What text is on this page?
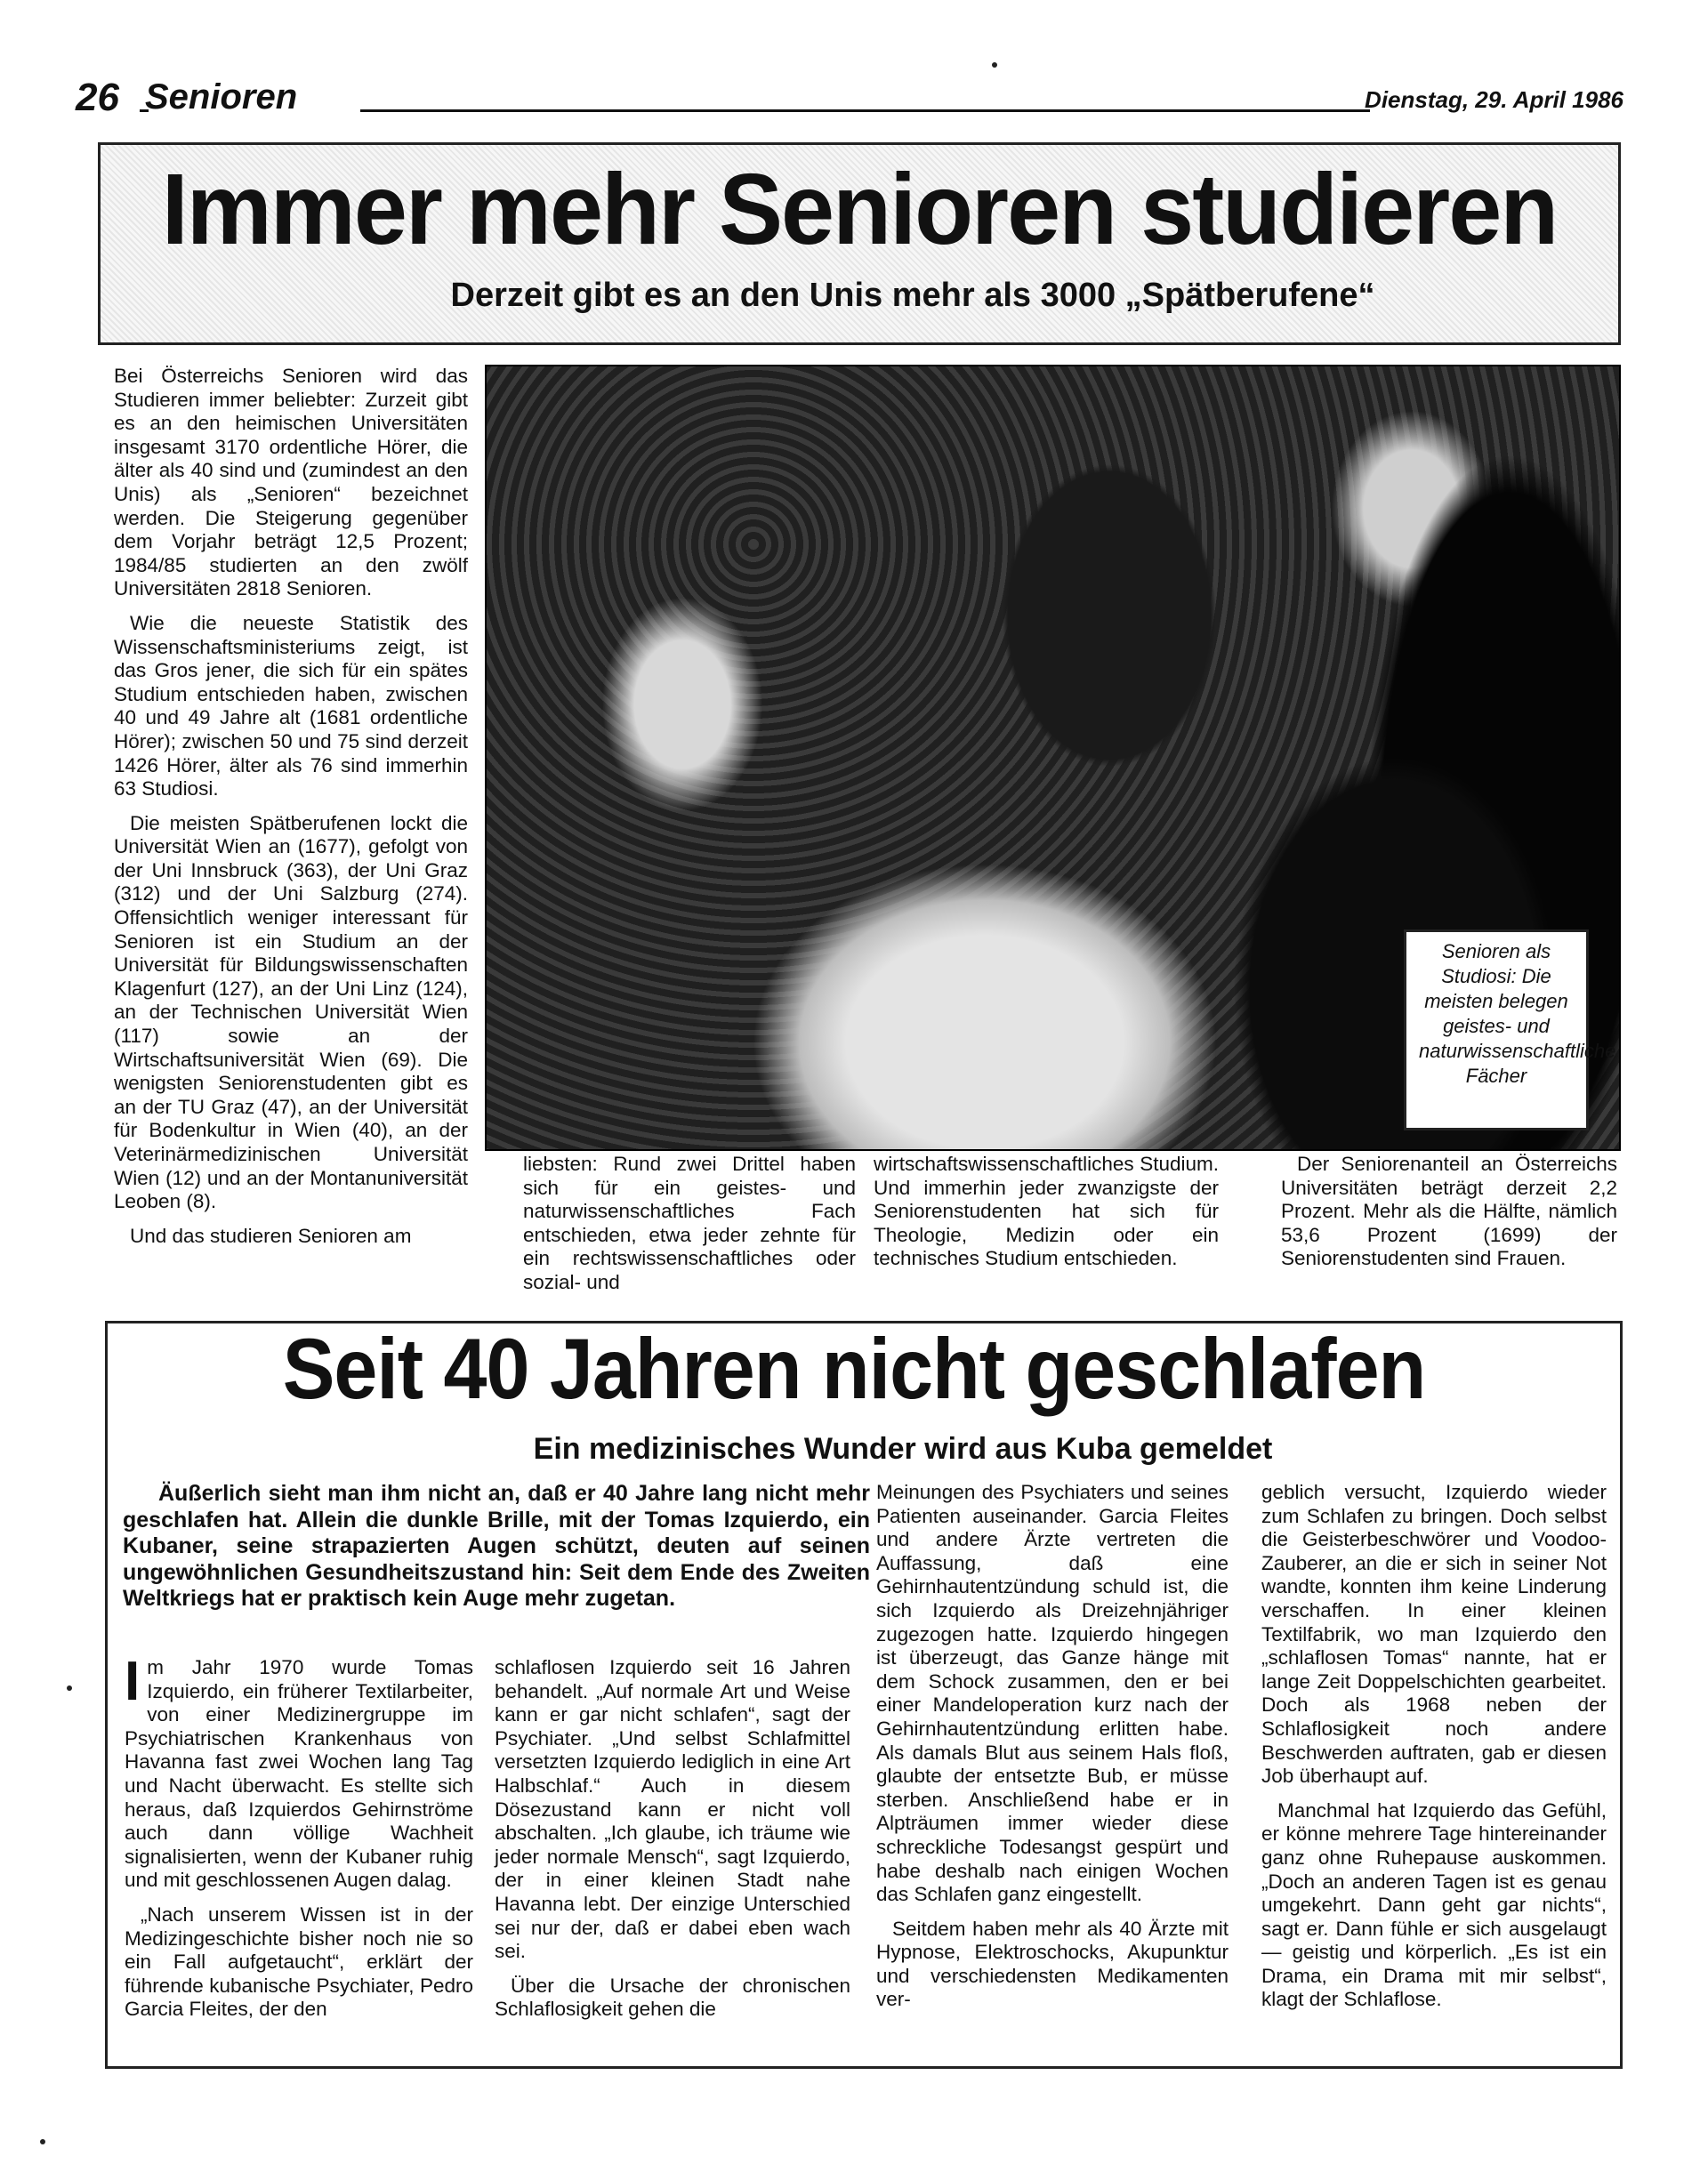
26 Senioren	Dienstag, 29. April 1986
Immer mehr Senioren studieren
Derzeit gibt es an den Unis mehr als 3000 „Spätberufene“

Bei Österreichs Senioren wird das Studieren immer beliebter: Zurzeit gibt es an den heimischen Universitäten insgesamt 3170 ordentliche Hörer, die älter als 40 sind und (zumindest an den Unis) als „Senioren“ bezeichnet werden. Die Steigerung gegenüber dem Vorjahr beträgt 12,5 Prozent; 1984/85 studierten an den zwölf Universitäten 2818 Senioren.

Wie die neueste Statistik des Wissenschaftsministeriums zeigt, ist das Gros jener, die sich für ein spätes Studium entschieden haben, zwischen 40 und 49 Jahre alt (1681 ordentliche Hörer); zwischen 50 und 75 sind derzeit 1426 Hörer, älter als 76 sind immerhin 63 Studiosi.

Die meisten Spätberufenen lockt die Universität Wien an (1677), gefolgt von der Uni Innsbruck (363), der Uni Graz (312) und der Uni Salzburg (274). Offensichtlich weniger interessant für Senioren ist ein Studium an der Universität für Bildungswissenschaften Klagenfurt (127), an der Uni Linz (124), an der Technischen Universität Wien (117) sowie an der Wirtschaftsuniversität Wien (69). Die wenigsten Seniorenstudenten gibt es an der TU Graz (47), an der Universität für Bodenkultur in Wien (40), an der Veterinärmedizinischen Universität Wien (12) und an der Montanuniversität Leoben (8).

Und das studieren Senioren am

Senioren als Studiosi: Die meisten belegen geistes- und naturwissenschaftliche Fächer

liebsten: Rund zwei Drittel haben sich für ein geistes- und naturwissenschaftliches Fach entschieden, etwa jeder zehnte für ein rechtswissenschaftliches oder sozial- und

wirtschaftswissenschaftliches Studium. Und immerhin jeder zwanzigste der Seniorenstudenten hat sich für Theologie, Medizin oder ein technisches Studium entschieden.

Der Seniorenanteil an Österreichs Universitäten beträgt derzeit 2,2 Prozent. Mehr als die Hälfte, nämlich 53,6 Prozent (1699) der Seniorenstudenten sind Frauen.

Seit 40 Jahren nicht geschlafen
Ein medizinisches Wunder wird aus Kuba gemeldet
Äußerlich sieht man ihm nicht an, daß er 40 Jahre lang nicht mehr geschlafen hat. Allein die dunkle Brille, mit der Tomas Izquierdo, ein Kubaner, seine strapazierten Augen schützt, deuten auf seinen ungewöhnlichen Gesundheitszustand hin: Seit dem Ende des Zweiten Weltkriegs hat er praktisch kein Auge mehr zugetan.

Im Jahr 1970 wurde Tomas Izquierdo, ein früherer Textilarbeiter, von einer Medizinergruppe im Psychiatrischen Krankenhaus von Havanna fast zwei Wochen lang Tag und Nacht überwacht. Es stellte sich heraus, daß Izquierdos Gehirnströme auch dann völlige Wachheit signalisierten, wenn der Kubaner ruhig und mit geschlossenen Augen dalag.

„Nach unserem Wissen ist in der Medizingeschichte bisher noch nie so ein Fall aufgetaucht“, erklärt der führende kubanische Psychiater, Pedro Garcia Fleites, der den

schlaflosen Izquierdo seit 16 Jahren behandelt. „Auf normale Art und Weise kann er gar nicht schlafen“, sagt der Psychiater. „Und selbst Schlafmittel versetzten Izquierdo lediglich in eine Art Halbschlaf.“ Auch in diesem Dösezustand kann er nicht voll abschalten. „Ich glaube, ich träume wie jeder normale Mensch“, sagt Izquierdo, der in einer kleinen Stadt nahe Havanna lebt. Der einzige Unterschied sei nur der, daß er dabei eben wach sei.

Über die Ursache der chronischen Schlaflosigkeit gehen die

Meinungen des Psychiaters und seines Patienten auseinander. Garcia Fleites und andere Ärzte vertreten die Auffassung, daß eine Gehirnhautentzündung schuld ist, die sich Izquierdo als Dreizehnjähriger zugezogen hatte. Izquierdo hingegen ist überzeugt, das Ganze hänge mit dem Schock zusammen, den er bei einer Mandeloperation kurz nach der Gehirnhautentzündung erlitten habe. Als damals Blut aus seinem Hals floß, glaubte der entsetzte Bub, er müsse sterben. Anschließend habe er in Alpträumen immer wieder diese schreckliche Todesangst gespürt und habe deshalb nach einigen Wochen das Schlafen ganz eingestellt.

Seitdem haben mehr als 40 Ärzte mit Hypnose, Elektroschocks, Akupunktur und verschiedensten Medikamenten ver-

geblich versucht, Izquierdo wieder zum Schlafen zu bringen. Doch selbst die Geisterbeschwörer und Voodoo-Zauberer, an die er sich in seiner Not wandte, konnten ihm keine Linderung verschaffen. In einer kleinen Textilfabrik, wo man Izquierdo den „schlaflosen Tomas“ nannte, hat er lange Zeit Doppelschichten gearbeitet. Doch als 1968 neben der Schlaflosigkeit noch andere Beschwerden auftraten, gab er diesen Job überhaupt auf.

Manchmal hat Izquierdo das Gefühl, er könne mehrere Tage hintereinander ganz ohne Ruhepause auskommen. „Doch an anderen Tagen ist es genau umgekehrt. Dann geht gar nichts“, sagt er. Dann fühle er sich ausgelaugt — geistig und körperlich. „Es ist ein Drama, ein Drama mit mir selbst“, klagt der Schlaflose.
